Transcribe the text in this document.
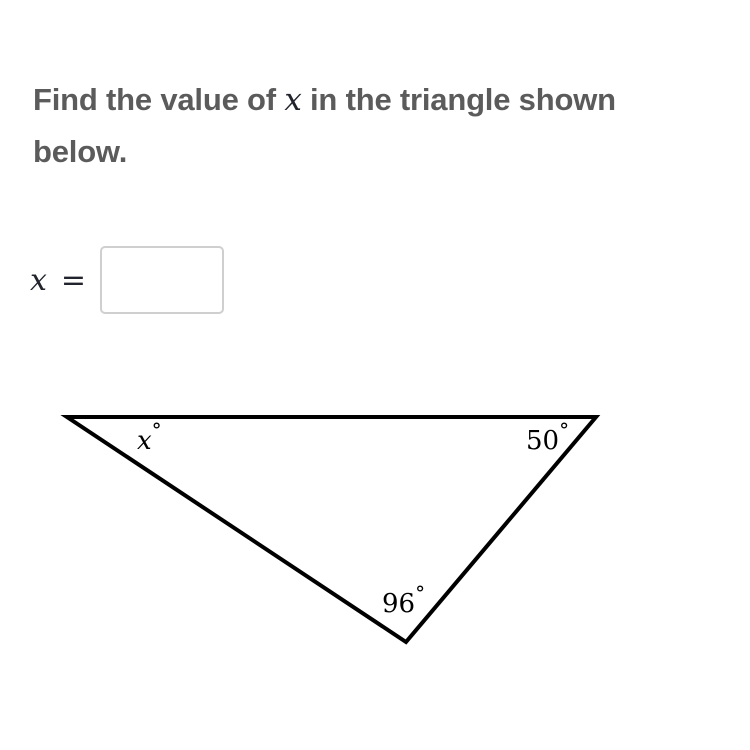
Find the value of x in the triangle shown below.
x =
x°	50°
96°
